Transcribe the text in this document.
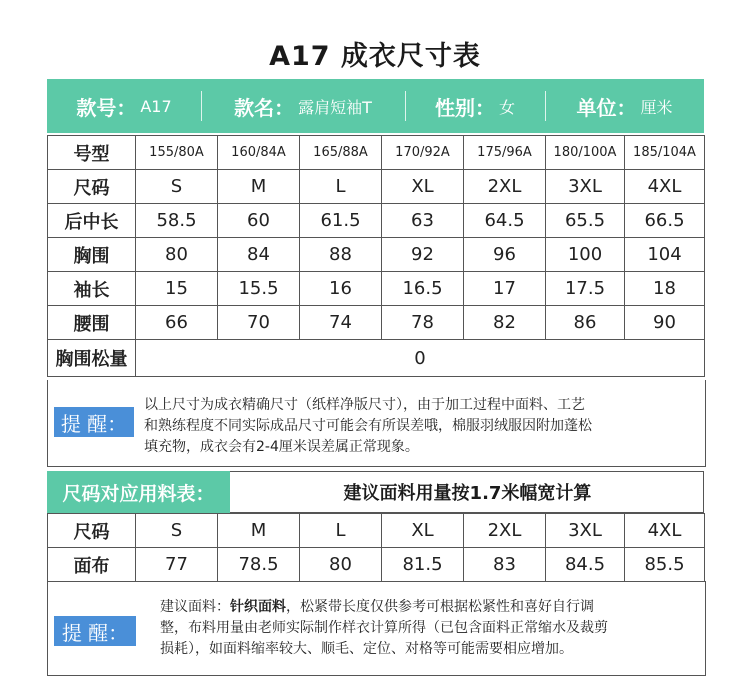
A17 成衣尺寸表
款号： A17	款名： 露肩短袖T	性别： 女	单位： 厘米
号型	155/80A	160/84A	165/88A	170/92A	175/96A	180/100A	185/104A
尺码	S	M	L	XL	2XL	3XL	4XL
后中长	58.5	60	61.5	63	64.5	65.5	66.5
胸围	80	84	88	92	96	100	104
袖长	15	15.5	16	16.5	17	17.5	18
腰围	66	70	74	78	82	86	90
胸围松量	0						
提 醒：
以上尺寸为成衣精确尺寸（纸样净版尺寸），由于加工过程中面料、工艺
和熟练程度不同实际成品尺寸可能会有所误差哦，棉服羽绒服因附加蓬松
填充物，成衣会有2-4厘米误差属正常现象。
尺码对应用料表：	建议面料用量按1.7米幅宽计算
尺码	S	M	L	XL	2XL	3XL	4XL
面布	77	78.5	80	81.5	83	84.5	85.5
提 醒：
建议面料：针织面料，松紧带长度仅供参考可根据松紧性和喜好自行调
整，布料用量由老师实际制作样衣计算所得（已包含面料正常缩水及裁剪
损耗），如面料缩率较大、顺毛、定位、对格等可能需要相应增加。
